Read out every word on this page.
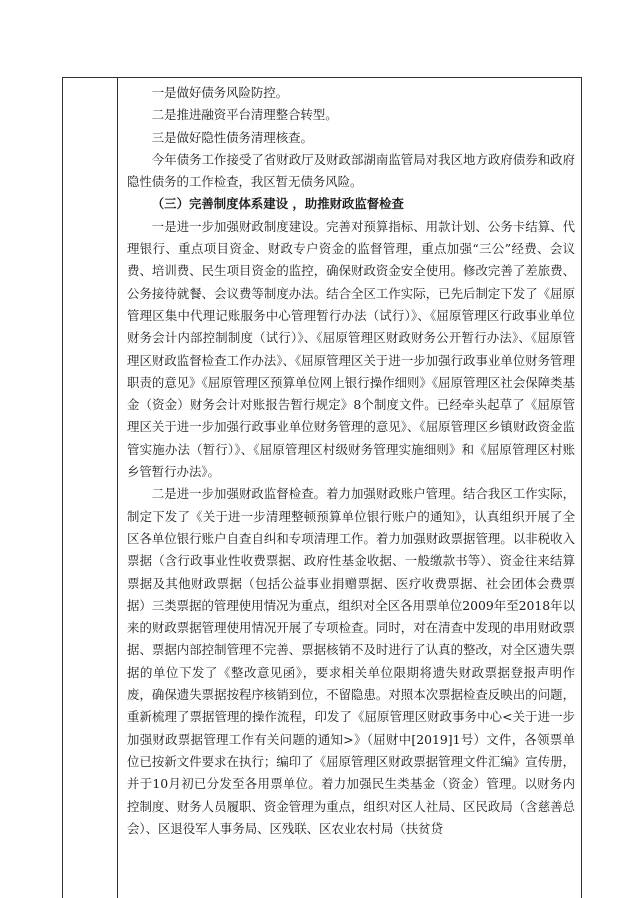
一是做好债务风险防控。

二是推进融资平台清理整合转型。

三是做好隐性债务清理核查。

今年债务工作接受了省财政厅及财政部湖南监管局对我区地方政府债券和政府隐性债务的工作检查，我区暂无债务风险。

（三）完善制度体系建设 ，助推财政监督检查

一是进一步加强财政制度建设。完善对预算指标、用款计划、公务卡结算、代理银行、重点项目资金、财政专户资金的监督管理，重点加强“三公”经费、会议费、培训费、民生项目资金的监控，确保财政资金安全使用。修改完善了差旅费、公务接待就餐、会议费等制度办法。结合全区工作实际，已先后制定下发了《屈原管理区集中代理记账服务中心管理暂行办法（试行）》、《屈原管理区行政事业单位财务会计内部控制制度（试行）》、《屈原管理区财政财务公开暂行办法》、《屈原管理区财政监督检查工作办法》、《屈原管理区关于进一步加强行政事业单位财务管理职责的意见》《屈原管理区预算单位网上银行操作细则》《屈原管理区社会保障类基金（资金）财务会计对账报告暂行规定》8个制度文件。已经牵头起草了《屈原管理区关于进一步加强行政事业单位财务管理的意见》、《屈原管理区乡镇财政资金监管实施办法（暂行）》、《屈原管理区村级财务管理实施细则》和《屈原管理区村账乡管暂行办法》。

二是进一步加强财政监督检查。着力加强财政账户管理。结合我区工作实际，制定下发了《关于进一步清理整顿预算单位银行账户的通知》，认真组织开展了全区各单位银行账户自查自纠和专项清理工作。着力加强财政票据管理。以非税收入票据（含行政事业性收费票据、政府性基金收据、一般缴款书等）、资金往来结算票据及其他财政票据（包括公益事业捐赠票据、医疗收费票据、社会团体会费票据）三类票据的管理使用情况为重点，组织对全区各用票单位2009年至2018年以来的财政票据管理使用情况开展了专项检查。同时，对在清查中发现的串用财政票据、票据内部控制管理不完善、票据核销不及时进行了认真的整改，对全区遗失票据的单位下发了《整改意见函》，要求相关单位限期将遗失财政票据登报声明作废，确保遗失票据按程序核销到位，不留隐患。对照本次票据检查反映出的问题，重新梳理了票据管理的操作流程，印发了《屈原管理区财政事务中心<关于进一步加强财政票据管理工作有关问题的通知>》（屈财中[2019]1号）文件，各领票单位已按新文件要求在执行；编印了《屈原管理区财政票据管理文件汇编》宣传册，并于10月初已分发至各用票单位。着力加强民生类基金（资金）管理。以财务内控制度、财务人员履职、资金管理为重点，组织对区人社局、区民政局（含慈善总会）、区退役军人事务局、区残联、区农业农村局（扶贫贷
